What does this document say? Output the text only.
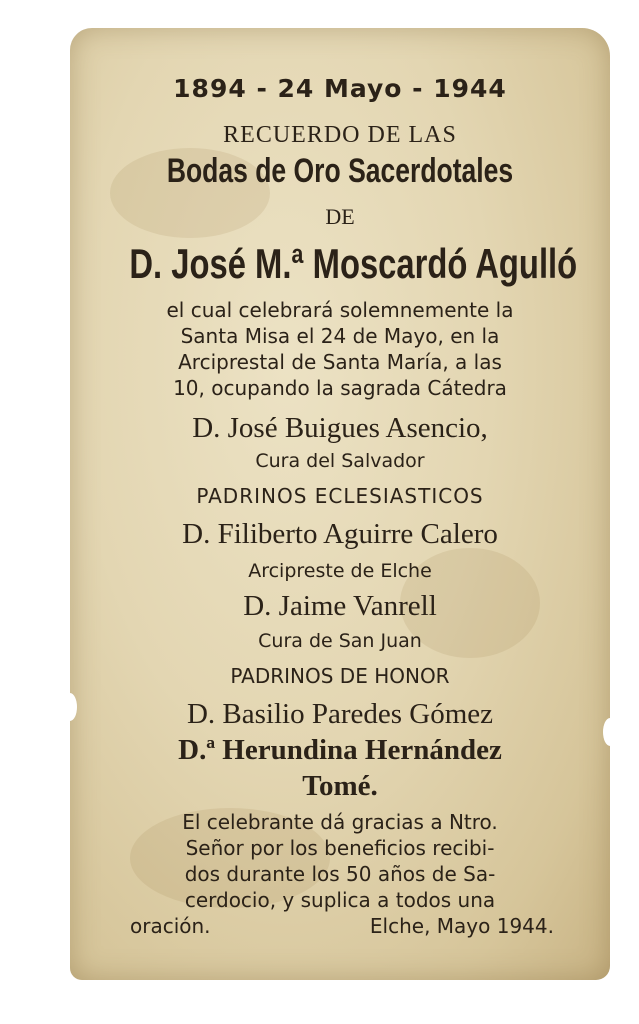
1894 - 24 Mayo - 1944
RECUERDO DE LAS
Bodas de Oro Sacerdotales
DE
D. José M.ª Moscardó Agulló
el cual celebrará solemnemente la
Santa Misa el 24 de Mayo, en la
Arciprestal de Santa María, a las
10, ocupando la sagrada Cátedra
D. José Buigues Asencio,
Cura del Salvador
PADRINOS ECLESIASTICOS
D. Filiberto Aguirre Calero
Arcipreste de Elche
D. Jaime Vanrell
Cura de San Juan
PADRINOS DE HONOR
D. Basilio Paredes Gómez
D.ª Herundina Hernández
Tomé.
El celebrante dá gracias a Ntro.
Señor por los beneficios recibi-
dos durante los 50 años de Sa-
cerdocio, y suplica a todos una
oración.	Elche, Mayo 1944.
